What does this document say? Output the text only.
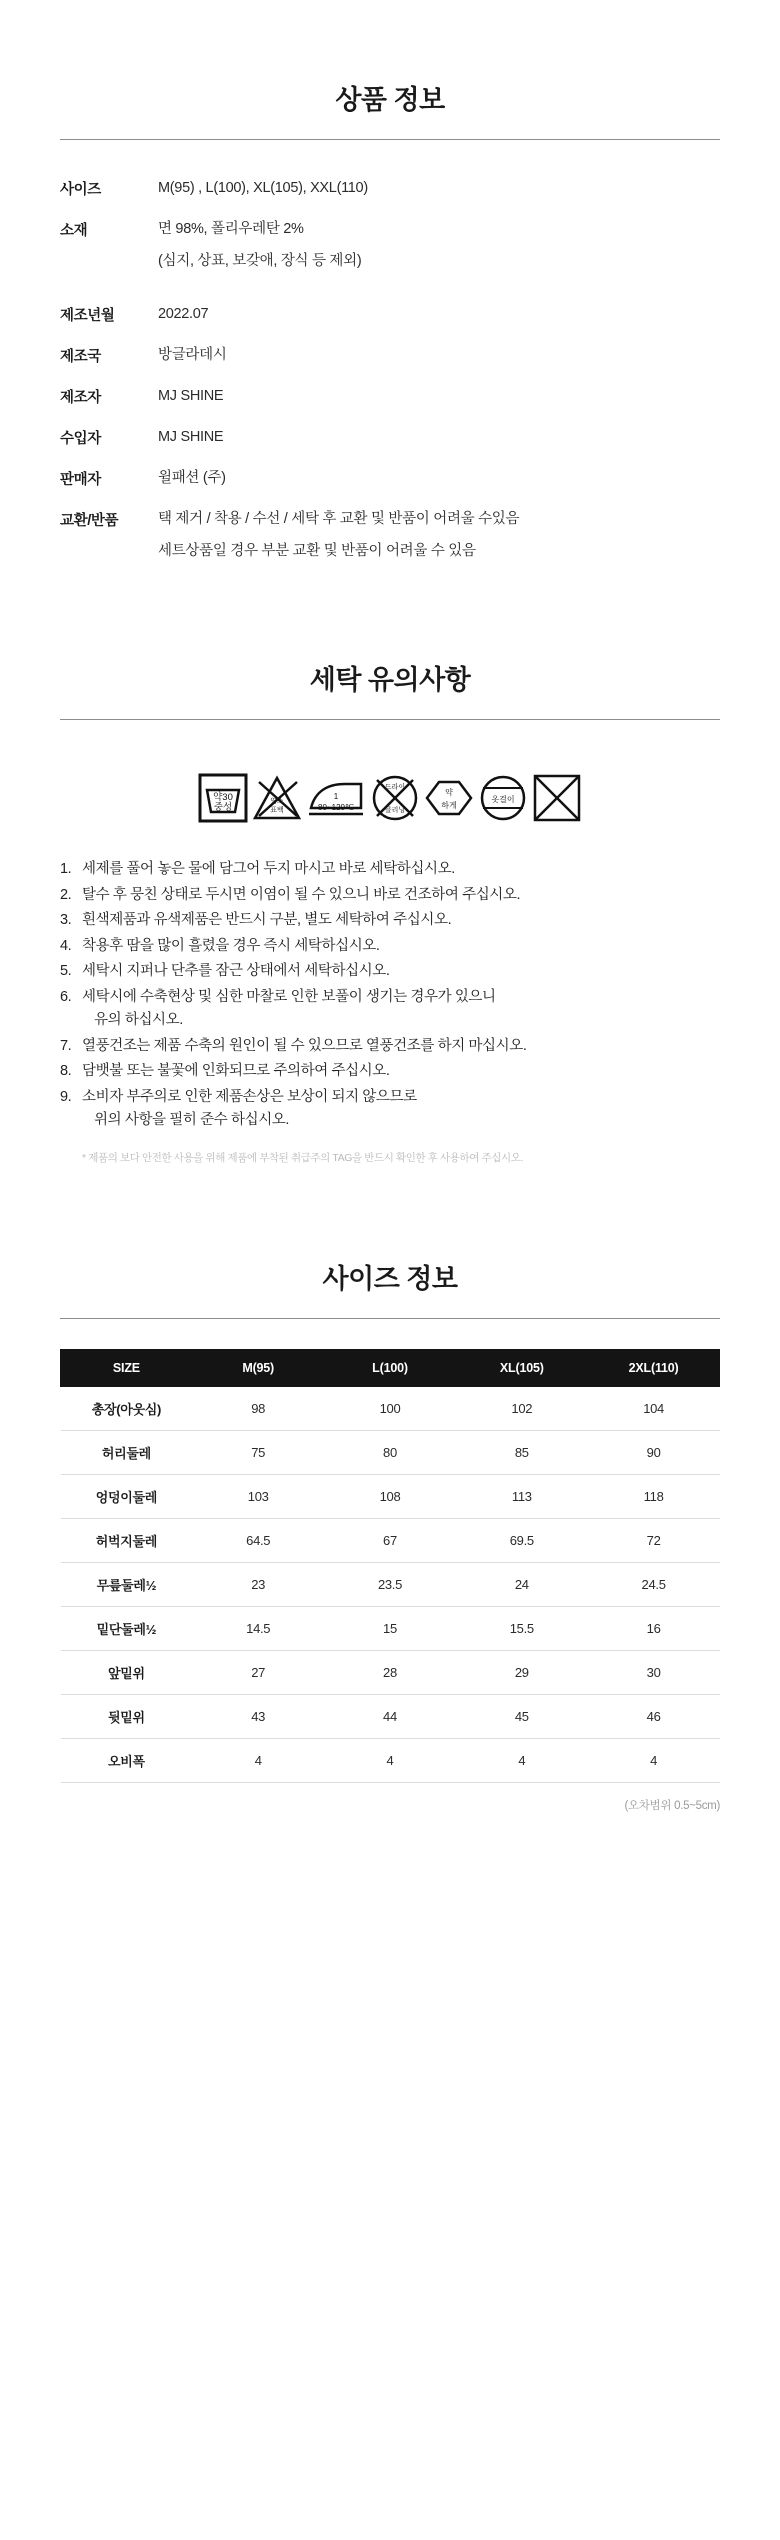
상품 정보
사이즈	M(95) , L(100), XL(105), XXL(110)
소재	면 98%, 폴리우레탄 2%
(심지, 상표, 보갖애, 장식 등 제외)

제조년월	2022.07
제조국	방글라데시
제조자	MJ SHINE
수입자	MJ SHINE
판매자	윌패션 (주)
교환/반품	택 제거 / 착용 / 수선 / 세탁 후 교환 및 반품이 어려울 수있음
세트상품일 경우 부분 교환 및 반품이 어려울 수 있음
세탁 유의사항
약30
중성
염소
표백
1
80~120℃
드라이
클리닝
약
하게
옷걸이
1. 세제를 풀어 놓은 물에 담그어 두지 마시고 바로 세탁하십시오.
2. 탈수 후 뭉친 상태로 두시면 이염이 될 수 있으니 바로 건조하여 주십시오.
3. 흰색제품과 유색제품은 반드시 구분, 별도 세탁하여 주십시오.
4. 착용후 땀을 많이 흘렸을 경우 즉시 세탁하십시오.
5. 세탁시 지퍼나 단추를 잠근 상태에서 세탁하십시오.
6. 세탁시에 수축현상 및 심한 마찰로 인한 보풀이 생기는 경우가 있으니
유의 하십시오.
7. 열풍건조는 제품 수축의 원인이 될 수 있으므로 열풍건조를 하지 마십시오.
8. 담뱃불 또는 불꽃에 인화되므로 주의하여 주십시오.
9. 소비자 부주의로 인한 제품손상은 보상이 되지 않으므로
위의 사항을 필히 준수 하십시오.
* 제품의 보다 안전한 사용을 위해 제품에 부착된 취급주의 TAG을 반드시 확인한 후 사용하여 주십시오.
사이즈 정보
SIZE	M(95)	L(100)	XL(105)	2XL(110)
총장(아웃심)	98	100	102	104
허리둘레	75	80	85	90
엉덩이둘레	103	108	113	118
허벅지둘레	64.5	67	69.5	72
무릎둘레½	23	23.5	24	24.5
밑단둘레½	14.5	15	15.5	16
앞밑위	27	28	29	30
뒷밑위	43	44	45	46
오비폭	4	4	4	4
(오차범위 0.5~5cm)
